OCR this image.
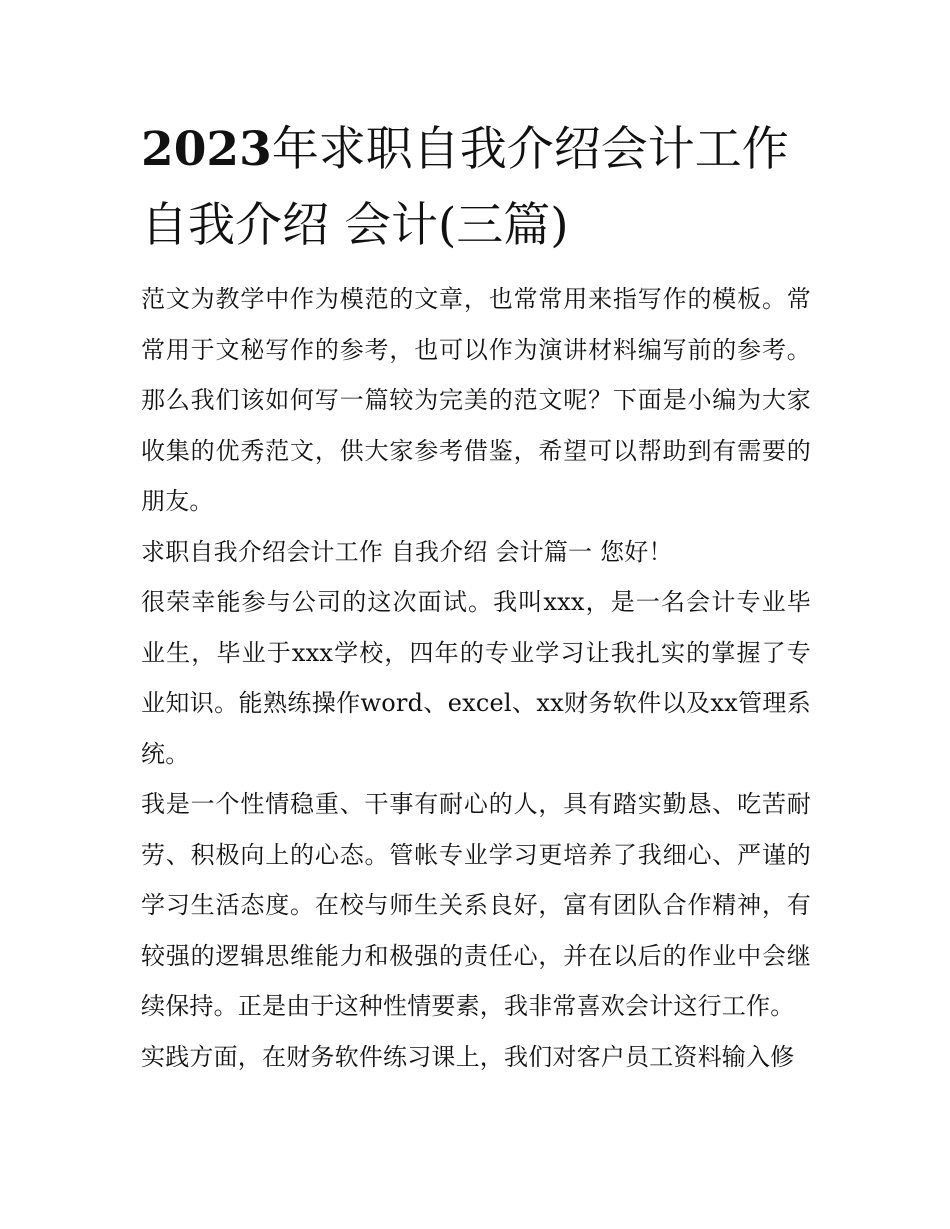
2023年求职自我介绍会计工作自我介绍 会计(三篇)

范文为教学中作为模范的文章，也常常用来指写作的模板。常常用于文秘写作的参考，也可以作为演讲材料编写前的参考。那么我们该如何写一篇较为完美的范文呢？下面是小编为大家收集的优秀范文，供大家参考借鉴，希望可以帮助到有需要的朋友。

求职自我介绍会计工作 自我介绍 会计篇一 您好！

很荣幸能参与公司的这次面试。我叫xxx，是一名会计专业毕业生，毕业于xxx学校，四年的专业学习让我扎实的掌握了专业知识。能熟练操作word、excel、xx财务软件以及xx管理系统。

我是一个性情稳重、干事有耐心的人，具有踏实勤恳、吃苦耐劳、积极向上的心态。管帐专业学习更培养了我细心、严谨的学习生活态度。在校与师生关系良好，富有团队合作精神，有较强的逻辑思维能力和极强的责任心，并在以后的作业中会继续保持。正是由于这种性情要素，我非常喜欢会计这行工作。

实践方面，在财务软件练习课上，我们对客户员工资料输入修
